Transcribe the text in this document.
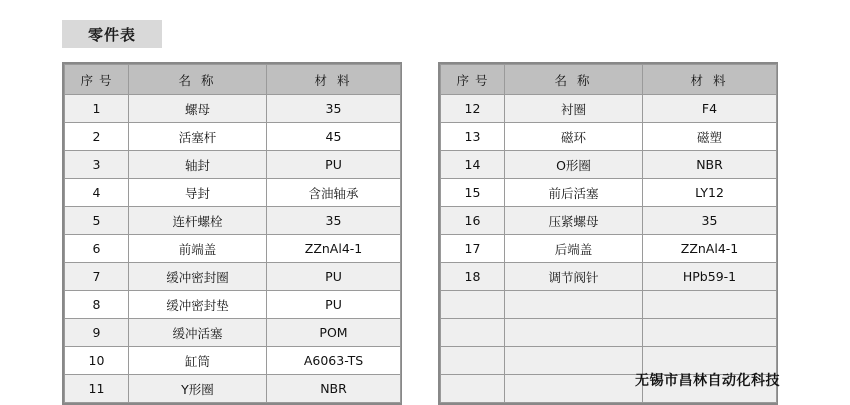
零件表
序 号	名 称	材 料
1	螺母	35
2	活塞杆	45
3	轴封	PU
4	导封	含油轴承
5	连杆螺栓	35
6	前端盖	ZZnAl4-1
7	缓冲密封圈	PU
8	缓冲密封垫	PU
9	缓冲活塞	POM
10	缸筒	A6063-TS
11	Y形圈	NBR
序 号	名 称	材 料
12	衬圈	F4
13	磁环	磁塑
14	O形圈	NBR
15	前后活塞	LY12
16	压紧螺母	35
17	后端盖	ZZnAl4-1
18	调节阀针	HPb59-1

无锡市昌林自动化科技
